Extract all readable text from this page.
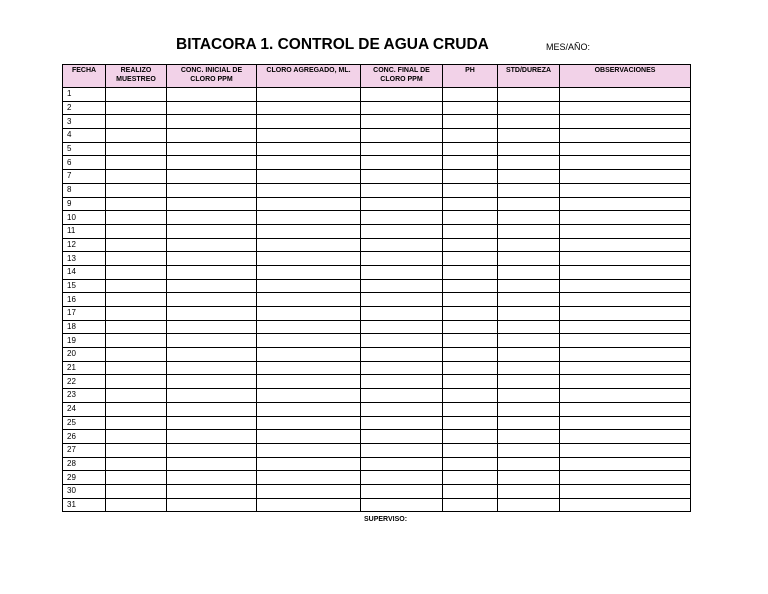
BITACORA 1. CONTROL DE AGUA CRUDA	MES/AÑO:
FECHA	REALIZO MUESTREO	CONC. INICIAL DE CLORO PPM	CLORO AGREGADO, ML.	CONC. FINAL DE CLORO PPM	PH	STD/DUREZA	OBSERVACIONES
1							
2							
3							
4							
5							
6							
7							
8							
9							
10							
11							
12							
13							
14							
15							
16							
17							
18							
19							
20							
21							
22							
23							
24							
25							
26							
27							
28							
29							
30							
31							
SUPERVISO:
